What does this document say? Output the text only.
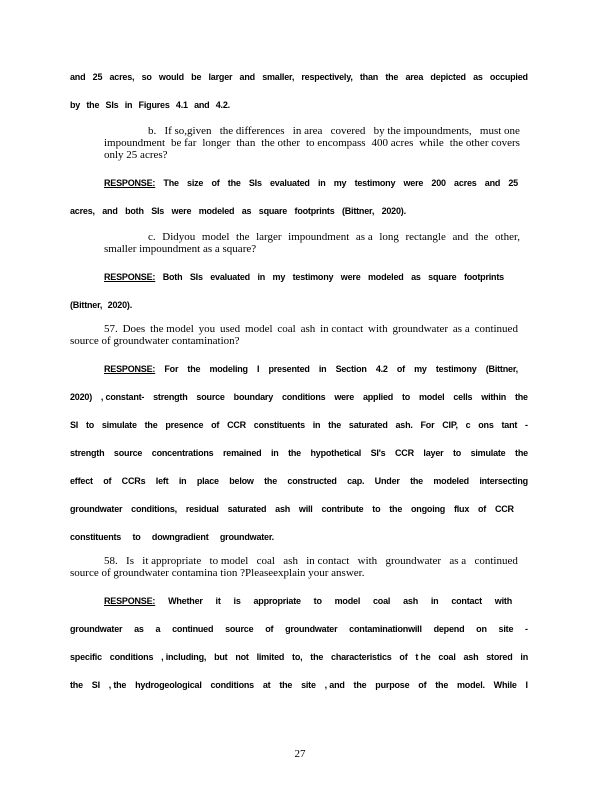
and 25 acres, so would be larger and smaller, respectively, than the area depicted as occupied
by the SIs in Figures 4.1 and 4.2.
b. If so,given the differences in area covered by the impoundments, must one
impoundment be far longer than the other to encompass 400 acres while the other covers
only 25 acres?
RESPONSE: The size of the SIs evaluated in my testimony were 200 acres and 25
acres, and both SIs were modeled as square footprints (Bittner, 2020).
c. Didyou model the larger impoundment as a long rectangle and the other,
smaller impoundment as a square?
RESPONSE: Both SIs evaluated in my testimony were modeled as square footprints
(Bittner, 2020).
57. Does the model you used model coal ash in contact with groundwater as a continued
source of groundwater contamination?
RESPONSE: For the modeling I presented in Section 4.2 of my testimony (Bittner,
2020) , constant- strength source boundary conditions were applied to model cells within the
SI to simulate the presence of CCR constituents in the saturated ash. For CIP, c ons tant -
strength source concentrations remained in the hypothetical SI's CCR layer to simulate the
effect of CCRs left in place below the constructed cap. Under the modeled intersecting
groundwater conditions, residual saturated ash will contribute to the ongoing flux of CCR
constituents to downgradient groundwater.
58. Is it appropriate to model coal ash in contact with groundwater as a continued
source of groundwater contamina tion ?Pleaseexplain your answer.
RESPONSE: Whether it is appropriate to model coal ash in contact with
groundwater as a continued source of groundwater contaminationwill depend on site -
specific conditions , including, but not limited to, the characteristics of t he coal ash stored in
the SI , the hydrogeological conditions at the site , and the purpose of the model. While I
27
